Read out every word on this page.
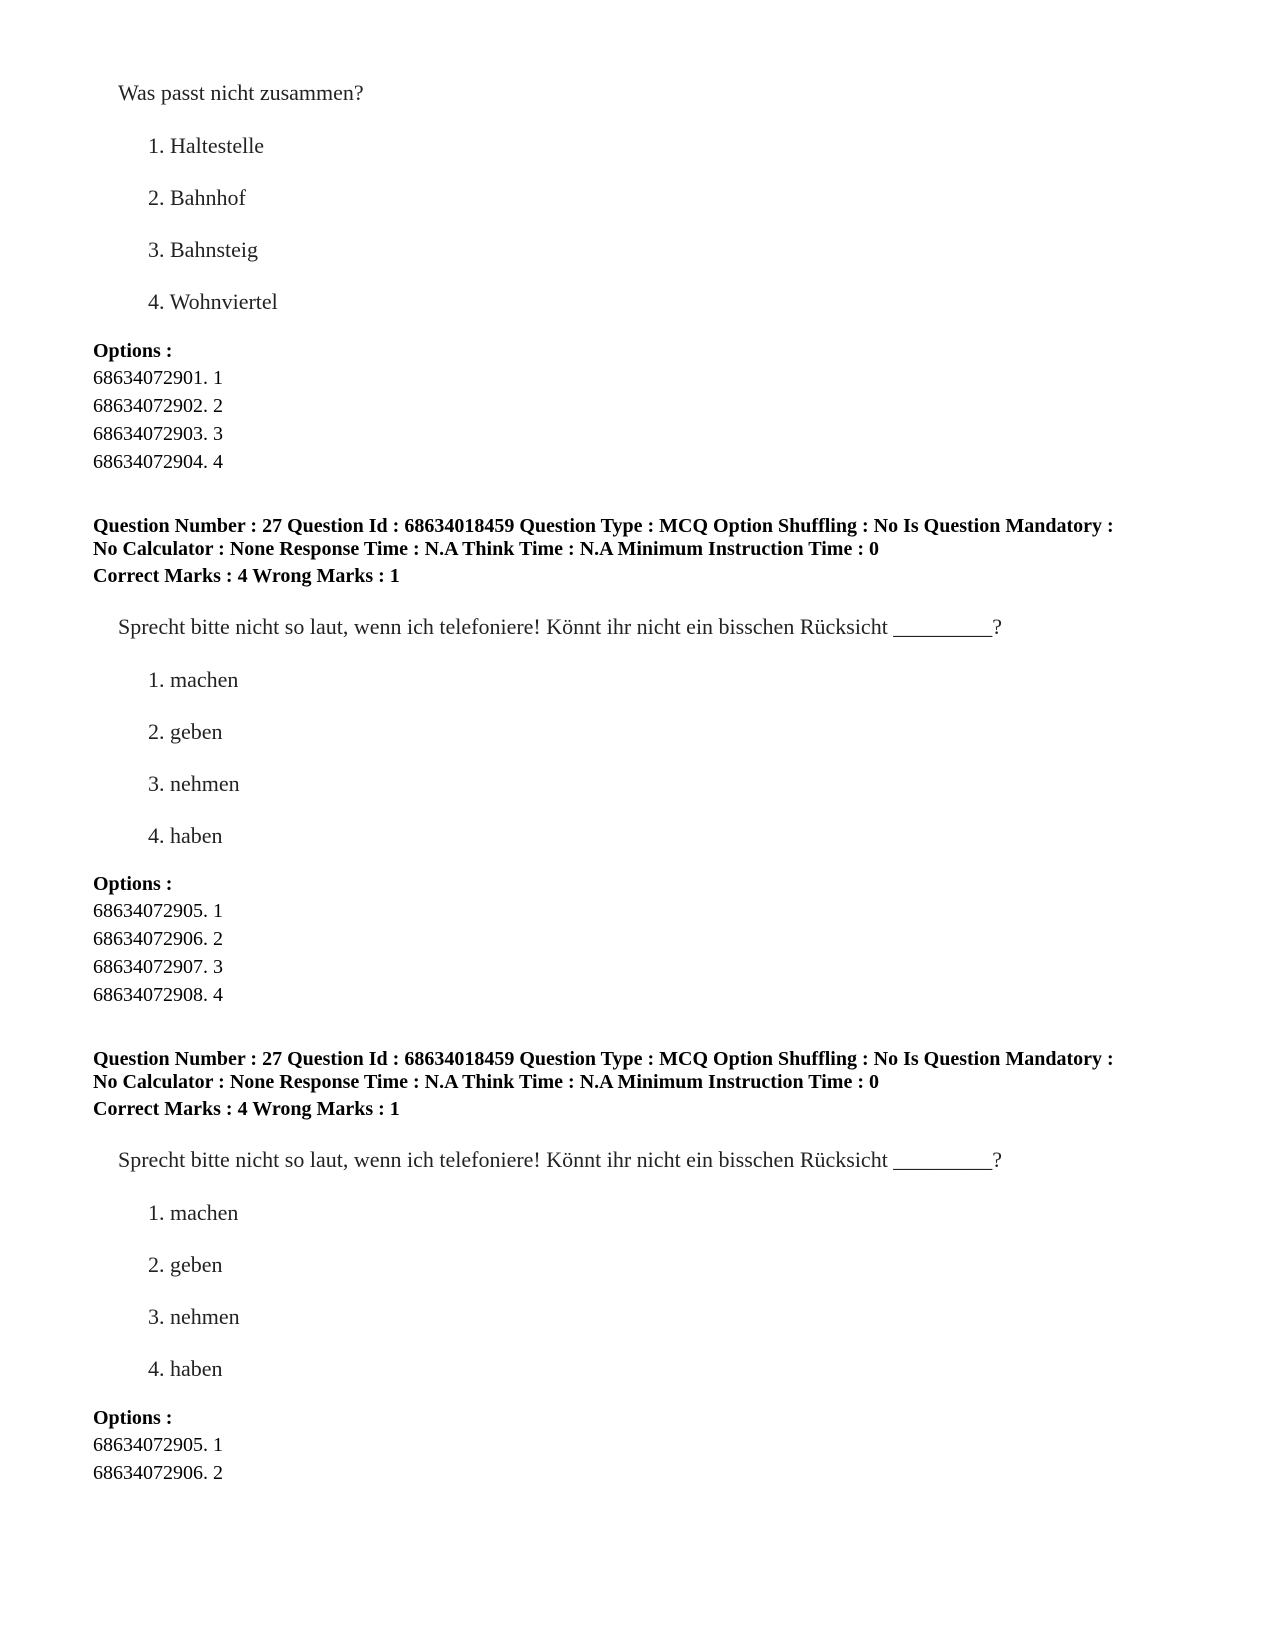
Was passt nicht zusammen?
1. Haltestelle
2. Bahnhof
3. Bahnsteig
4. Wohnviertel
Options :
68634072901. 1
68634072902. 2
68634072903. 3
68634072904. 4
Question Number : 27 Question Id : 68634018459 Question Type : MCQ Option Shuffling : No Is Question Mandatory :
No Calculator : None Response Time : N.A Think Time : N.A Minimum Instruction Time : 0
Correct Marks : 4 Wrong Marks : 1
Sprecht bitte nicht so laut, wenn ich telefoniere! Könnt ihr nicht ein bisschen Rücksicht _________?
1. machen
2. geben
3. nehmen
4. haben
Options :
68634072905. 1
68634072906. 2
68634072907. 3
68634072908. 4
Question Number : 27 Question Id : 68634018459 Question Type : MCQ Option Shuffling : No Is Question Mandatory :
No Calculator : None Response Time : N.A Think Time : N.A Minimum Instruction Time : 0
Correct Marks : 4 Wrong Marks : 1
Sprecht bitte nicht so laut, wenn ich telefoniere! Könnt ihr nicht ein bisschen Rücksicht _________?
1. machen
2. geben
3. nehmen
4. haben
Options :
68634072905. 1
68634072906. 2
